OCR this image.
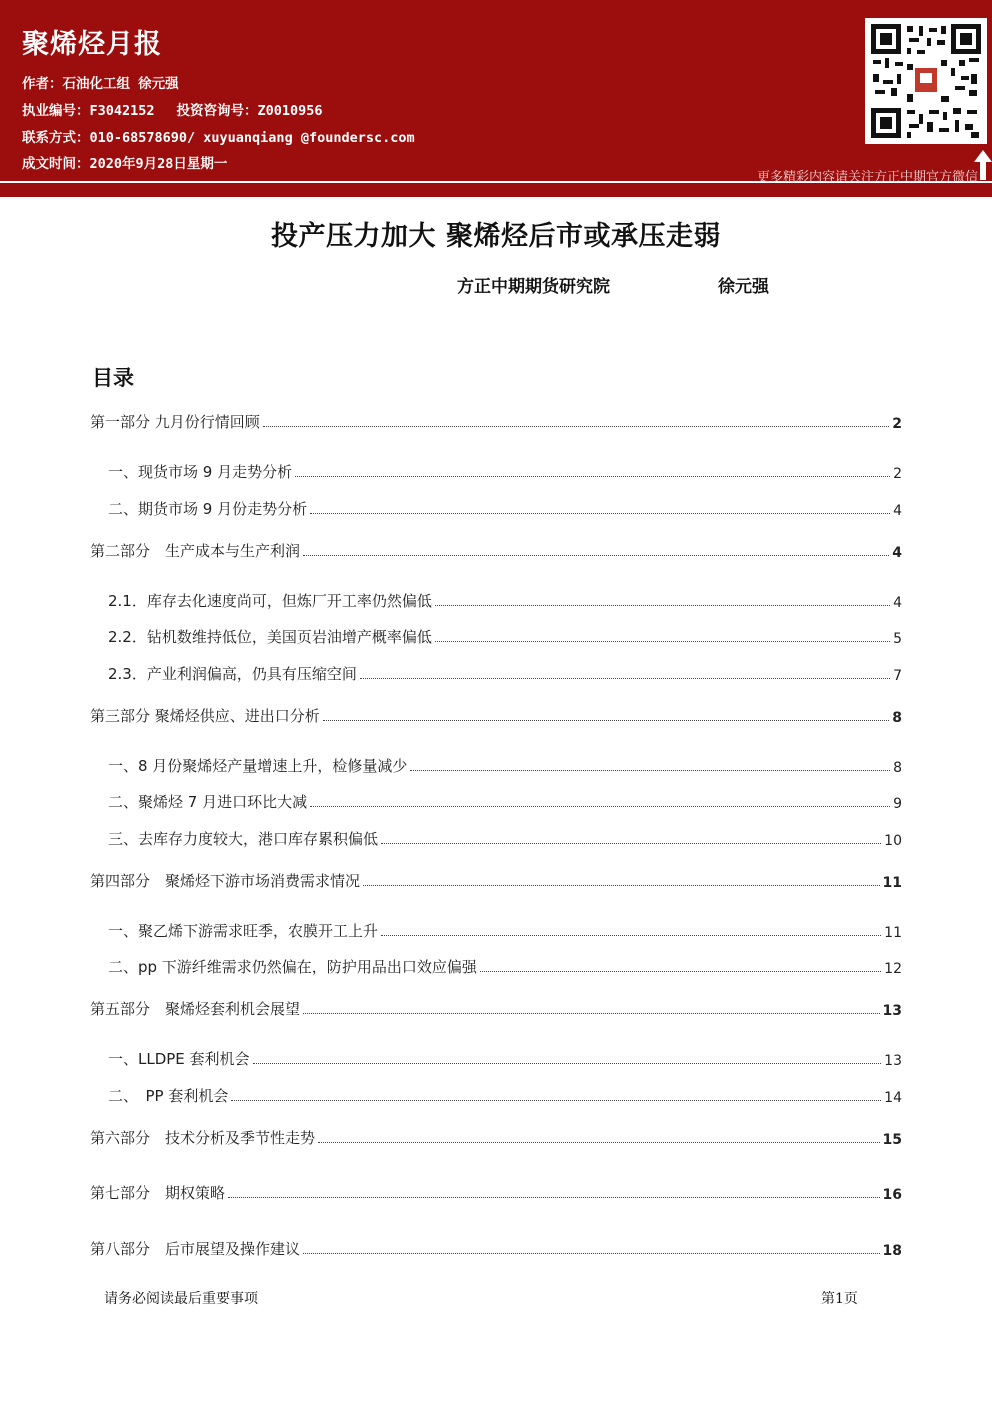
聚烯烃月报
作者：石油化工组 徐元强
执业编号：F3042152 投资咨询号：Z0010956
联系方式：010-68578690/ xuyuanqiang @foundersc.com
成文时间：2020年9月28日星期一
更多精彩内容请关注方正中期官方微信
投产压力加大 聚烯烃后市或承压走弱
方正中期期货研究院	徐元强
目录
第一部分 九月份行情回顾	2
一、现货市场 9 月走势分析	2
二、期货市场 9 月份走势分析	4
第二部分　生产成本与生产利润	4
2.1．库存去化速度尚可，但炼厂开工率仍然偏低	4
2.2．钻机数维持低位，美国页岩油增产概率偏低	5
2.3．产业利润偏高，仍具有压缩空间	7
第三部分 聚烯烃供应、进出口分析	8
一、8 月份聚烯烃产量增速上升，检修量减少	8
二、聚烯烃 7 月进口环比大减	9
三、去库存力度较大，港口库存累积偏低	10
第四部分　聚烯烃下游市场消费需求情况	11
一、聚乙烯下游需求旺季，农膜开工上升	11
二、pp 下游纤维需求仍然偏在，防护用品出口效应偏强	12
第五部分　聚烯烃套利机会展望	13
一、LLDPE 套利机会	13
二、　PP 套利机会	14
第六部分　技术分析及季节性走势	15
第七部分　期权策略	16
第八部分　后市展望及操作建议	18
请务必阅读最后重要事项	第1页
